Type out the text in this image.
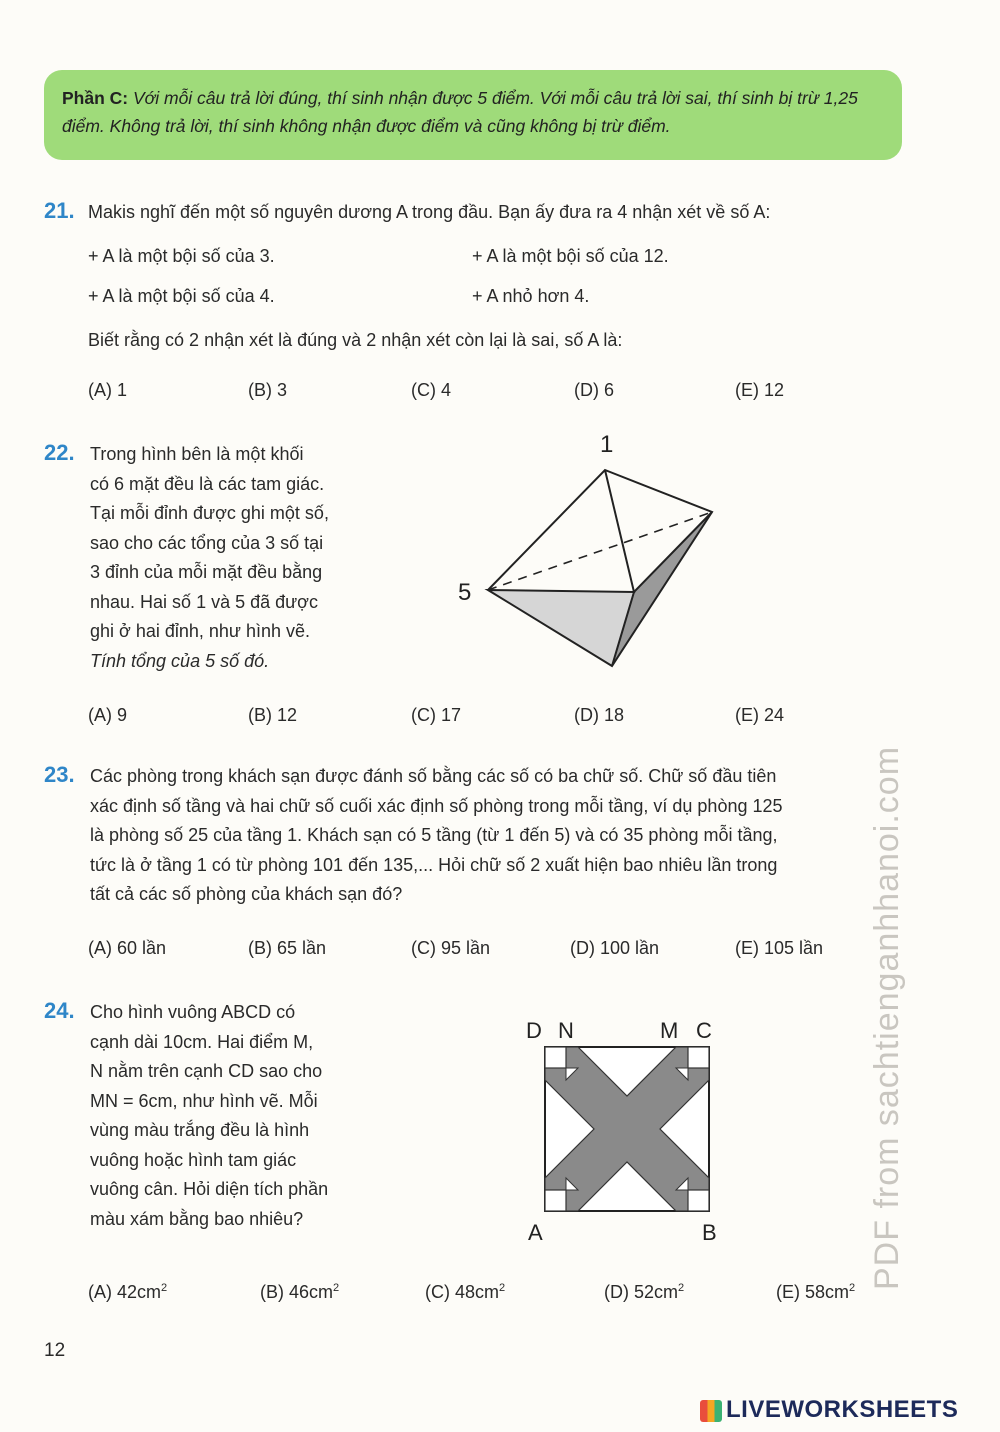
Phần C: Với mỗi câu trả lời đúng, thí sinh nhận được 5 điểm. Với mỗi câu trả lời sai, thí sinh bị trừ 1,25 điểm. Không trả lời, thí sinh không nhận được điểm và cũng không bị trừ điểm.
21. Makis nghĩ đến một số nguyên dương A trong đầu. Bạn ấy đưa ra 4 nhận xét về số A:
+ A là một bội số của 3.	+ A là một bội số của 12.
+ A là một bội số của 4.	+ A nhỏ hơn 4.
Biết rằng có 2 nhận xét là đúng và 2 nhận xét còn lại là sai, số A là:
(A) 1	(B) 3	(C) 4	(D) 6	(E) 12
22. Trong hình bên là một khối
có 6 mặt đều là các tam giác.
Tại mỗi đỉnh được ghi một số,
sao cho các tổng của 3 số tại
3 đỉnh của mỗi mặt đều bằng
nhau. Hai số 1 và 5 đã được
ghi ở hai đỉnh, như hình vẽ.
Tính tổng của 5 số đó.
1
5
(A) 9	(B) 12	(C) 17	(D) 18	(E) 24
23. Các phòng trong khách sạn được đánh số bằng các số có ba chữ số. Chữ số đầu tiên
xác định số tầng và hai chữ số cuối xác định số phòng trong mỗi tầng, ví dụ phòng 125
là phòng số 25 của tầng 1. Khách sạn có 5 tầng (từ 1 đến 5) và có 35 phòng mỗi tầng,
tức là ở tầng 1 có từ phòng 101 đến 135,... Hỏi chữ số 2 xuất hiện bao nhiêu lần trong
tất cả các số phòng của khách sạn đó?
(A) 60 lần	(B) 65 lần	(C) 95 lần	(D) 100 lần	(E) 105 lần
24. Cho hình vuông ABCD có
cạnh dài 10cm. Hai điểm M,
N nằm trên cạnh CD sao cho
MN = 6cm, như hình vẽ. Mỗi
vùng màu trắng đều là hình
vuông hoặc hình tam giác
vuông cân. Hỏi diện tích phần
màu xám bằng bao nhiêu?
D N	M C
A	B
(A) $42cm^2$	(B) $46cm^2$	(C) $48cm^2$	(D) $52cm^2$	(E) $58cm^2$ PDF from sachtienganhhanoi.com
12
LIVEWORKSHEETS
